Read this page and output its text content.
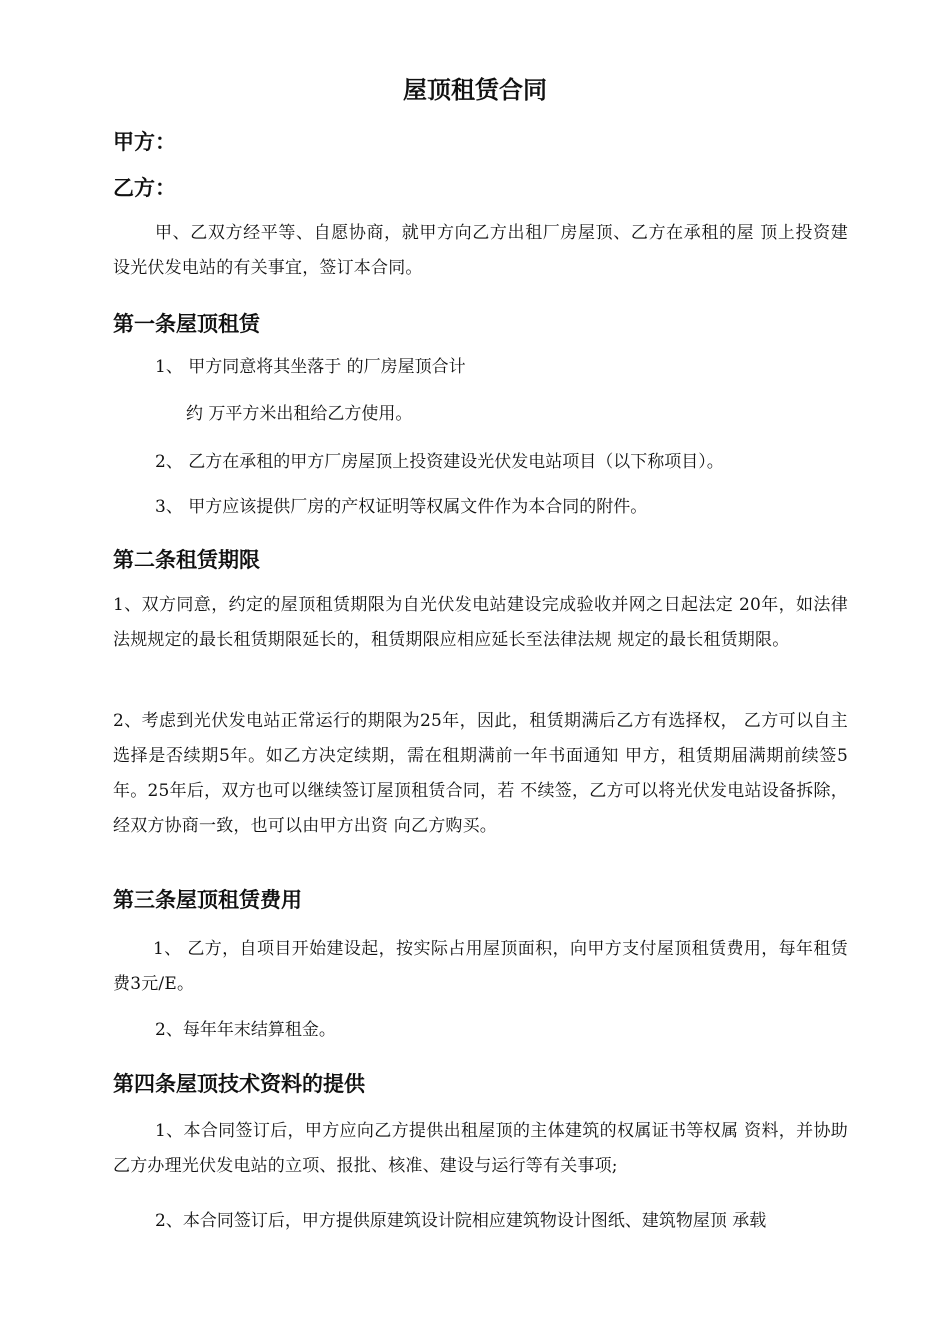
屋顶租赁合同
甲方：
乙方：
甲、乙双方经平等、自愿协商，就甲方向乙方出租厂房屋顶、乙方在承租的屋 顶上投资建设光伏发电站的有关事宜，签订本合同。
第一条屋顶租赁
1、 甲方同意将其坐落于 的厂房屋顶合计
约 万平方米出租给乙方使用。
2、 乙方在承租的甲方厂房屋顶上投资建设光伏发电站项目（以下称项目）。
3、 甲方应该提供厂房的产权证明等权属文件作为本合同的附件。
第二条租赁期限
1、双方同意，约定的屋顶租赁期限为自光伏发电站建设完成验收并网之日起法定 20年，如法律法规规定的最长租赁期限延长的，租赁期限应相应延长至法律法规 规定的最长租赁期限。
2、考虑到光伏发电站正常运行的期限为25年，因此，租赁期满后乙方有选择权， 乙方可以自主选择是否续期5年。如乙方决定续期，需在租期满前一年书面通知 甲方，租赁期届满期前续签5年。25年后，双方也可以继续签订屋顶租赁合同，若 不续签，乙方可以将光伏发电站设备拆除，经双方协商一致，也可以由甲方出资 向乙方购买。
第三条屋顶租赁费用
1、 乙方，自项目开始建设起，按实际占用屋顶面积，向甲方支付屋顶租赁费用，每年租赁费3元/E。
2、每年年末结算租金。
第四条屋顶技术资料的提供
1、本合同签订后，甲方应向乙方提供出租屋顶的主体建筑的权属证书等权属 资料，并协助乙方办理光伏发电站的立项、报批、核准、建设与运行等有关事项;
2、本合同签订后，甲方提供原建筑设计院相应建筑物设计图纸、建筑物屋顶 承载
